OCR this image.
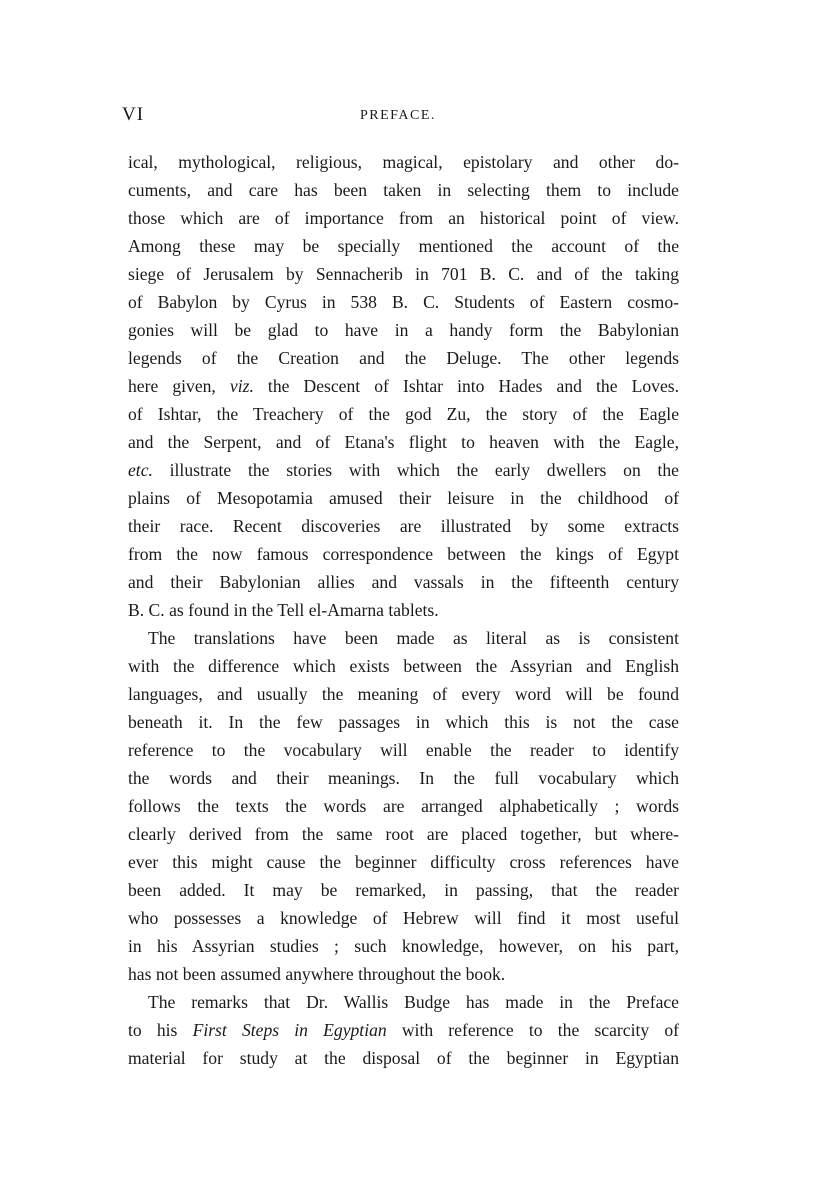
VI	PREFACE.
ical, mythological, religious, magical, epistolary and other do-
cuments, and care has been taken in selecting them to include
those which are of importance from an historical point of view.
Among these may be specially mentioned the account of the
siege of Jerusalem by Sennacherib in 701 B. C. and of the taking
of Babylon by Cyrus in 538 B. C. Students of Eastern cosmo-
gonies will be glad to have in a handy form the Babylonian
legends of the Creation and the Deluge. The other legends
here given, viz. the Descent of Ishtar into Hades and the Loves.
of Ishtar, the Treachery of the god Zu, the story of the Eagle
and the Serpent, and of Etana's flight to heaven with the Eagle,
etc. illustrate the stories with which the early dwellers on the
plains of Mesopotamia amused their leisure in the childhood of
their race. Recent discoveries are illustrated by some extracts
from the now famous correspondence between the kings of Egypt
and their Babylonian allies and vassals in the fifteenth century
B. C. as found in the Tell el-Amarna tablets.
The translations have been made as literal as is consistent
with the difference which exists between the Assyrian and English
languages, and usually the meaning of every word will be found
beneath it. In the few passages in which this is not the case
reference to the vocabulary will enable the reader to identify
the words and their meanings. In the full vocabulary which
follows the texts the words are arranged alphabetically ; words
clearly derived from the same root are placed together, but where-
ever this might cause the beginner difficulty cross references have
been added. It may be remarked, in passing, that the reader
who possesses a knowledge of Hebrew will find it most useful
in his Assyrian studies ; such knowledge, however, on his part,
has not been assumed anywhere throughout the book.
The remarks that Dr. Wallis Budge has made in the Preface
to his First Steps in Egyptian with reference to the scarcity of
material for study at the disposal of the beginner in Egyptian
